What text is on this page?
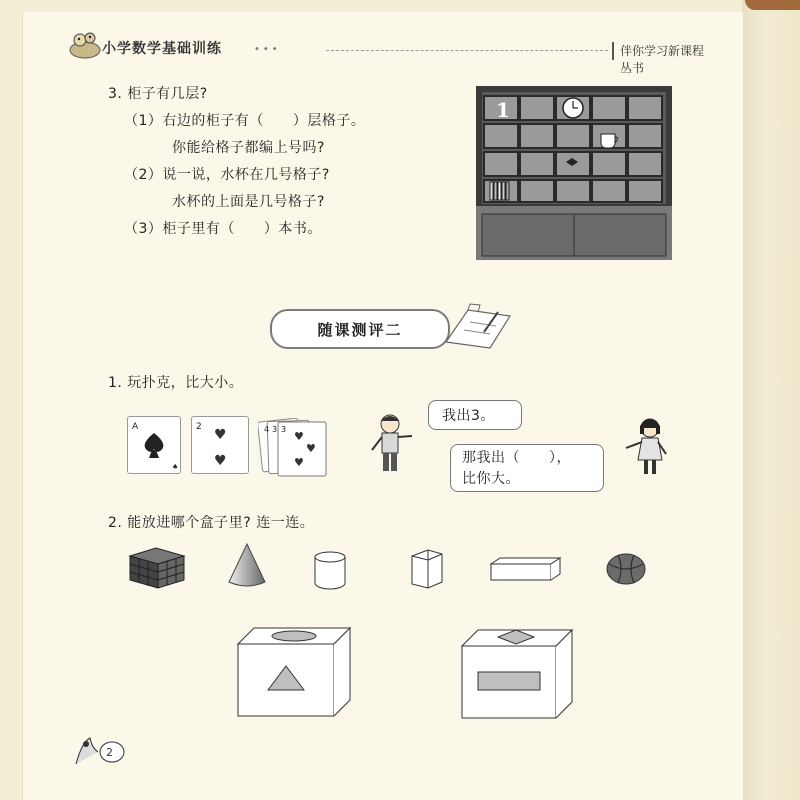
小学数学基础训练	•••	伴你学习新课程丛书
3. 柜子有几层?
（1）右边的柜子有（　　）层格子。
你能给格子都编上号吗?
（2）说一说，水杯在几号格子?
水杯的上面是几号格子?
（3）柜子里有（　　）本书。
1
随课测评二
1. 玩扑克，比大小。
A
♠
2 ♥
♥
4 3 3
♥
♥
♥
我出3。
那我出（　　），
比你大。
2. 能放进哪个盒子里? 连一连。
2
